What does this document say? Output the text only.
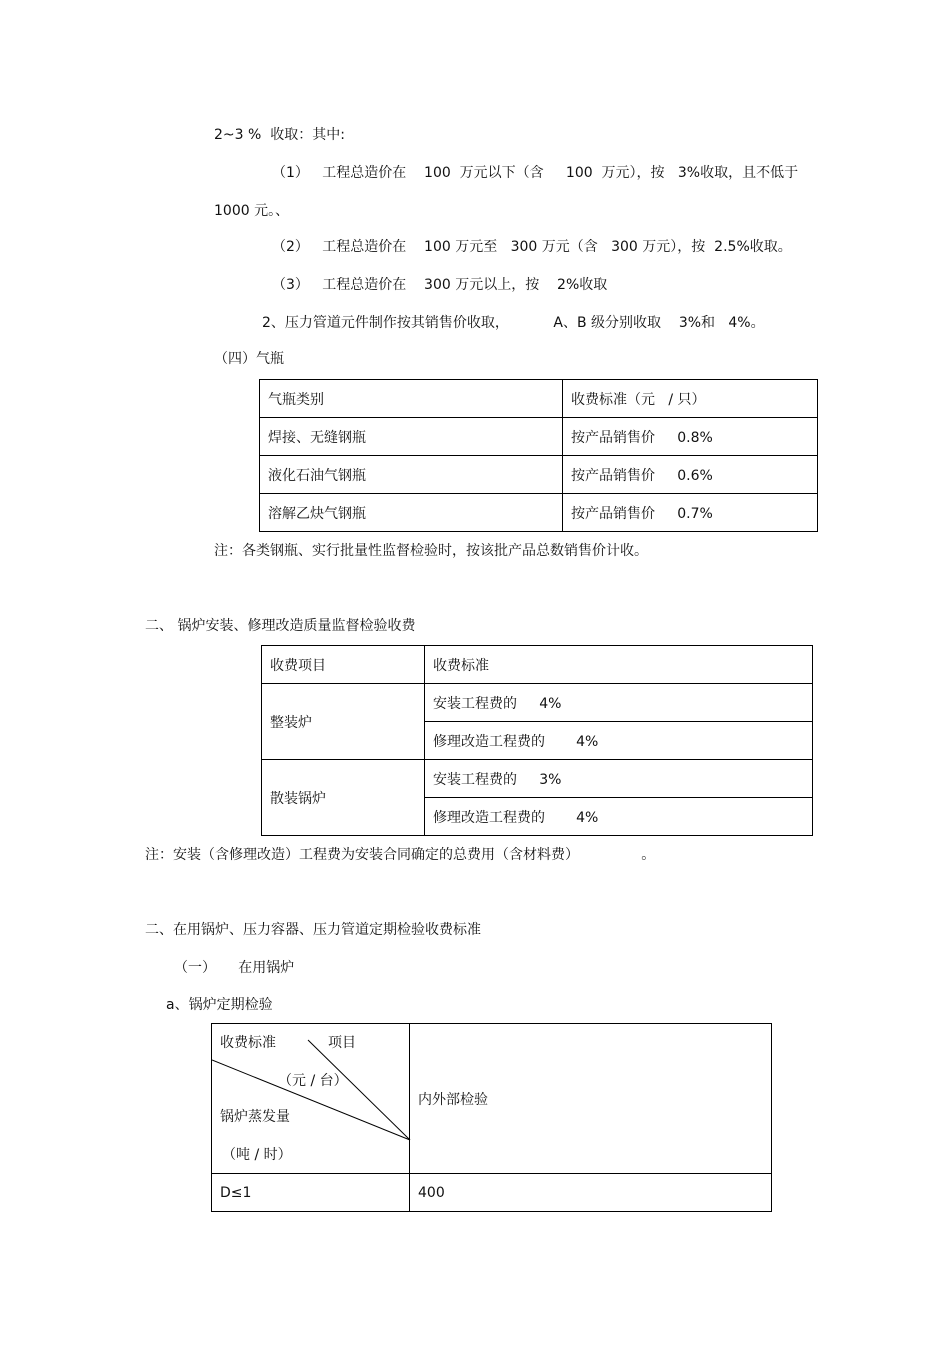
2~3 %  收取：其中:
（1）   工程总造价在    100  万元以下（含     100  万元），按   3%收取，且不低于
1000 元。、
（2）   工程总造价在    100 万元至   300 万元（含   300 万元），按  2.5%收取。
（3）   工程总造价在    300 万元以上，按    2%收取
2、压力管道元件制作按其销售价收取，          A、B 级分别收取    3%和   4%。
（四）气瓶
气瓶类别	收费标准（元   / 只）
焊接、无缝钢瓶	按产品销售价     0.8%
液化石油气钢瓶	按产品销售价     0.6%
溶解乙炔气钢瓶	按产品销售价     0.7%
注：各类钢瓶、实行批量性监督检验时，按该批产品总数销售价计收。
二、 锅炉安装、修理改造质量监督检验收费
收费项目	收费标准
整装炉	安装工程费的     4%
	修理改造工程费的       4%
散装锅炉	安装工程费的     3%
	修理改造工程费的       4%
注：安装（含修理改造）工程费为安装合同确定的总费用（含材料费）              。
二、在用锅炉、压力容器、压力管道定期检验收费标准
（一）     在用锅炉
a、锅炉定期检验

收费标准

项目

（元 / 台）

锅炉蒸发量

（吨 / 时）	内外部检验
D≤1	400
